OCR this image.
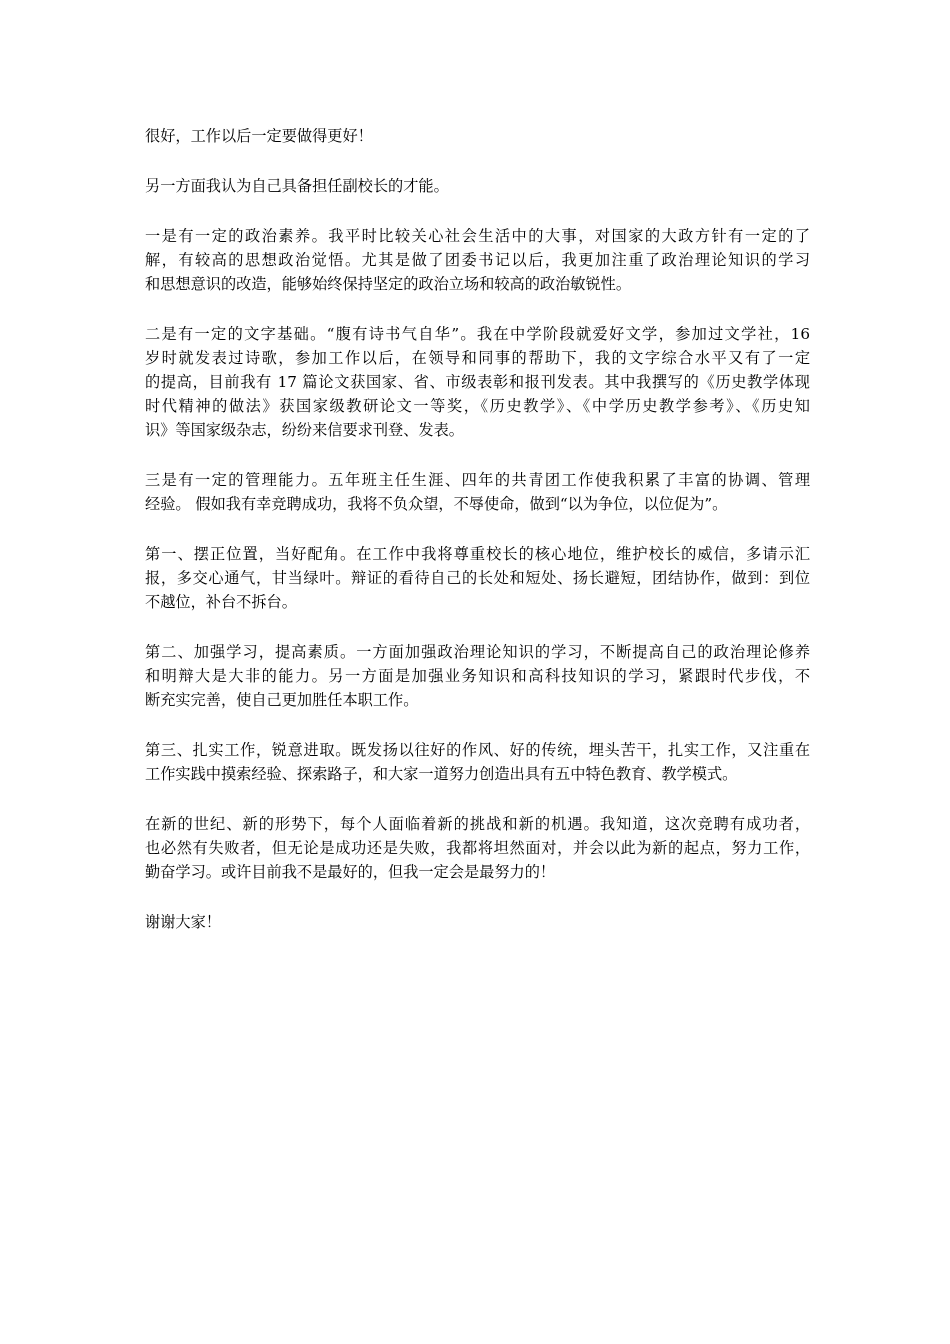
很好，工作以后一定要做得更好！

另一方面我认为自己具备担任副校长的才能。

一是有一定的政治素养。我平时比较关心社会生活中的大事，对国家的大政方针有一定的了
解，有较高的思想政治觉悟。尤其是做了团委书记以后，我更加注重了政治理论知识的学习
和思想意识的改造，能够始终保持坚定的政治立场和较高的政治敏锐性。

二是有一定的文字基础。“腹有诗书气自华”。我在中学阶段就爱好文学，参加过文学社，16
岁时就发表过诗歌，参加工作以后，在领导和同事的帮助下，我的文字综合水平又有了一定
的提高，目前我有 17 篇论文获国家、省、市级表彰和报刊发表。其中我撰写的《历史教学体现
时代精神的做法》获国家级教研论文一等奖，《历史教学》、《中学历史教学参考》、《历史知
识》等国家级杂志，纷纷来信要求刊登、发表。

三是有一定的管理能力。五年班主任生涯、四年的共青团工作使我积累了丰富的协调、管理
经验。 假如我有幸竞聘成功，我将不负众望，不辱使命，做到“以为争位，以位促为”。

第一、摆正位置，当好配角。在工作中我将尊重校长的核心地位，维护校长的威信，多请示汇
报，多交心通气，甘当绿叶。辩证的看待自己的长处和短处、扬长避短，团结协作，做到：到位
不越位，补台不拆台。

第二、加强学习，提高素质。一方面加强政治理论知识的学习，不断提高自己的政治理论修养
和明辩大是大非的能力。另一方面是加强业务知识和高科技知识的学习，紧跟时代步伐，不
断充实完善，使自己更加胜任本职工作。

第三、扎实工作，锐意进取。既发扬以往好的作风、好的传统，埋头苦干，扎实工作，又注重在
工作实践中摸索经验、探索路子，和大家一道努力创造出具有五中特色教育、教学模式。

在新的世纪、新的形势下，每个人面临着新的挑战和新的机遇。我知道，这次竞聘有成功者，
也必然有失败者，但无论是成功还是失败，我都将坦然面对，并会以此为新的起点，努力工作，
勤奋学习。或许目前我不是最好的，但我一定会是最努力的！

谢谢大家！
